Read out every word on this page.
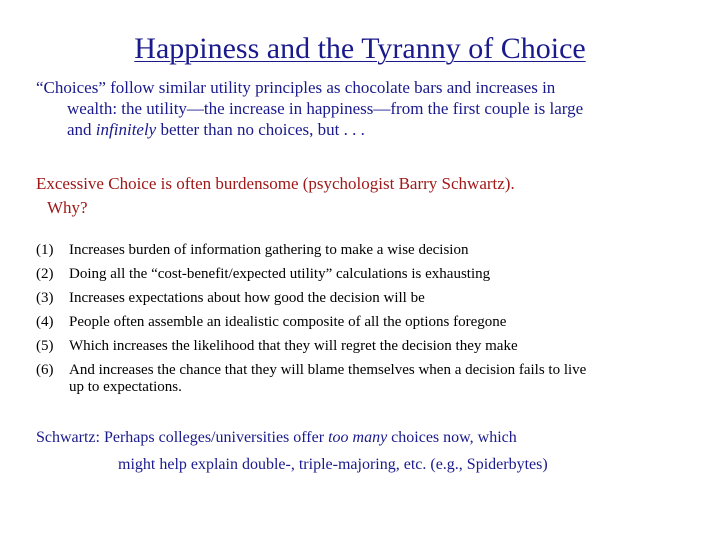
Happiness and the Tyranny of Choice
“Choices” follow similar utility principles as chocolate bars and increases in
wealth: the utility—the increase in happiness—from the first couple is large
and infinitely better than no choices, but . . .
Excessive Choice is often burdensome (psychologist Barry Schwartz).
Why?
(1) Increases burden of information gathering to make a wise decision
(2) Doing all the “cost-benefit/expected utility” calculations is exhausting
(3) Increases expectations about how good the decision will be
(4) People often assemble an idealistic composite of all the options foregone
(5) Which increases the likelihood that they will regret the decision they make
(6) And increases the chance that they will blame themselves when a decision fails to live
up to expectations.
Schwartz: Perhaps colleges/universities offer too many choices now, which
might help explain double-, triple-majoring, etc. (e.g., Spiderbytes)
